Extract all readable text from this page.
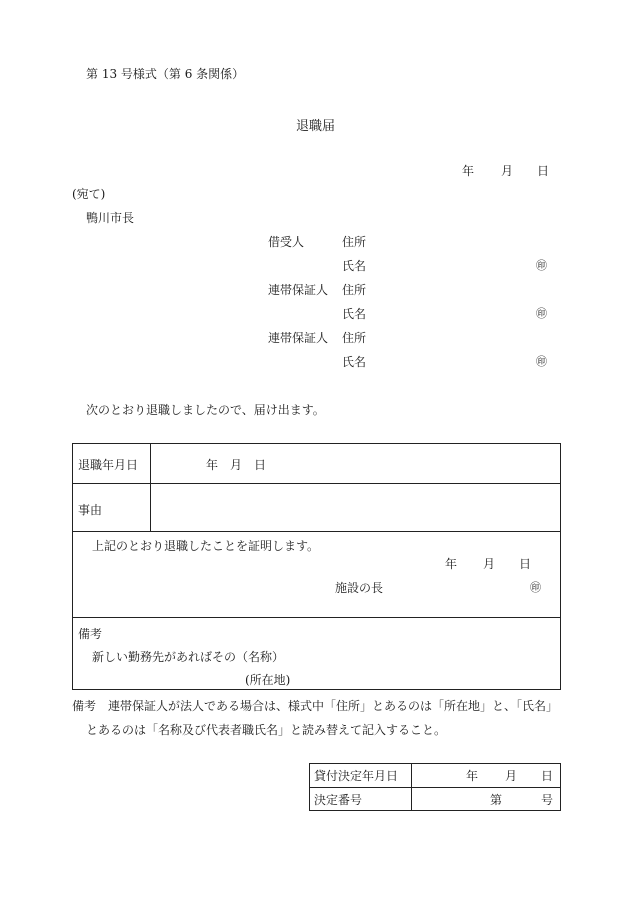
第 13 号様式（第 6 条関係）
退職届
年 月 日
(宛て)
鴨川市長
借受人	住所
氏名	㊞
連帯保証人 住所
氏名	㊞
連帯保証人 住所
氏名	㊞
次のとおり退職しましたので、届け出ます。
退職年月日	年　月　日
事由
上記のとおり退職したことを証明します。
年 月 日
施設の長	㊞
備考
新しい勤務先があればその（名称）
(所在地)
備考　連帯保証人が法人である場合は、様式中「住所」とあるのは「所在地」と、「氏名」
とあるのは「名称及び代表者職氏名」と読み替えて記入すること。
貸付決定年月日	年 月 日
決定番号	第	号
